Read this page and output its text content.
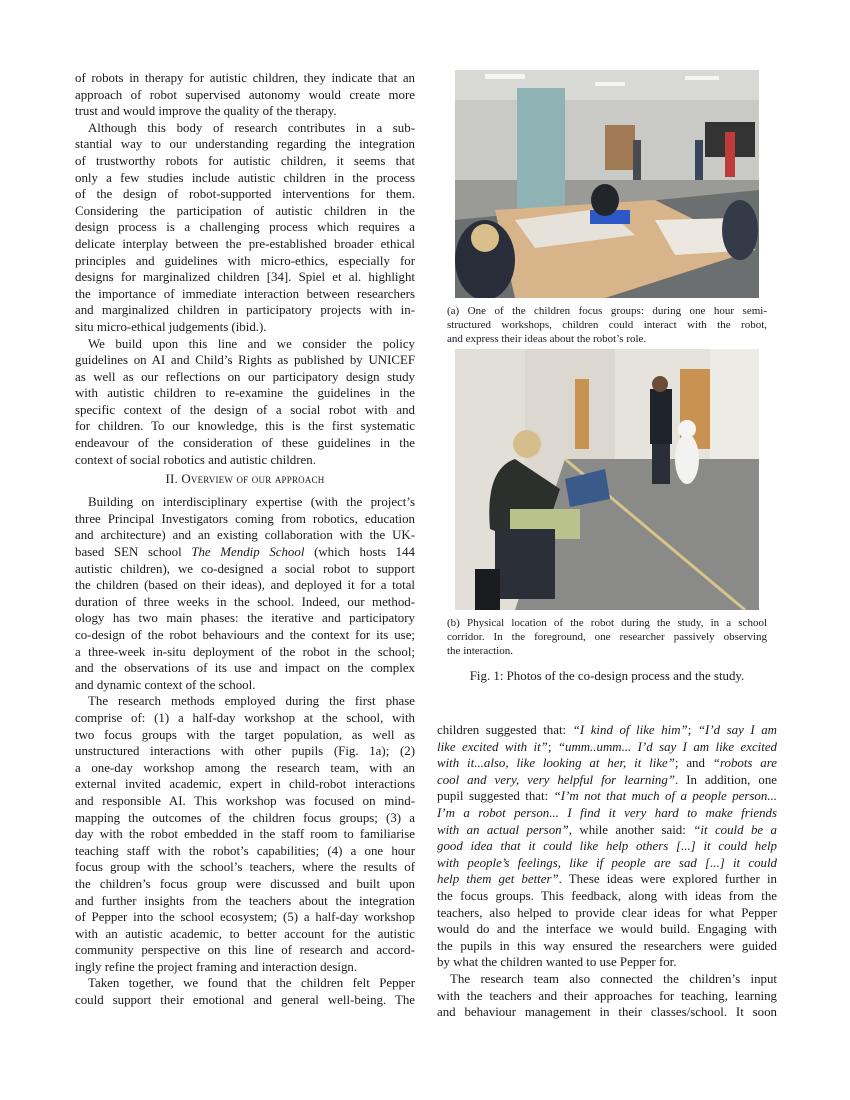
of robots in therapy for autistic children, they indicate that an
approach of robot supervised autonomy would create more
trust and would improve the quality of the therapy.
Although this body of research contributes in a sub-
stantial way to our understanding regarding the integration
of trustworthy robots for autistic children, it seems that
only a few studies include autistic children in the process
of the design of robot-supported interventions for them.
Considering the participation of autistic children in the
design process is a challenging process which requires a
delicate interplay between the pre-established broader ethical
principles and guidelines with micro-ethics, especially for
designs for marginalized children [34]. Spiel et al. highlight
the importance of immediate interaction between researchers
and marginalized children in participatory projects with in-
situ micro-ethical judgements (ibid.).
We build upon this line and we consider the policy
guidelines on AI and Child’s Rights as published by UNICEF
as well as our reflections on our participatory design study
with autistic children to re-examine the guidelines in the
specific context of the design of a social robot with and
for children. To our knowledge, this is the first systematic
endeavour of the consideration of these guidelines in the
context of social robotics and autistic children.
II. Overview of our approach
Building on interdisciplinary expertise (with the project’s
three Principal Investigators coming from robotics, education
and architecture) and an existing collaboration with the UK-
based SEN school The Mendip School (which hosts 144
autistic children), we co-designed a social robot to support
the children (based on their ideas), and deployed it for a total
duration of three weeks in the school. Indeed, our method-
ology has two main phases: the iterative and participatory
co-design of the robot behaviours and the context for its use;
a three-week in-situ deployment of the robot in the school;
and the observations of its use and impact on the complex
and dynamic context of the school.
The research methods employed during the first phase
comprise of: (1) a half-day workshop at the school, with
two focus groups with the target population, as well as
unstructured interactions with other pupils (Fig. 1a); (2)
a one-day workshop among the research team, with an
external invited academic, expert in child-robot interactions
and responsible AI. This workshop was focused on mind-
mapping the outcomes of the children focus groups; (3) a
day with the robot embedded in the staff room to familiarise
teaching staff with the robot’s capabilities; (4) a one hour
focus group with the school’s teachers, where the results of
the children’s focus group were discussed and built upon
and further insights from the teachers about the integration
of Pepper into the school ecosystem; (5) a half-day workshop
with an autistic academic, to better account for the autistic
community perspective on this line of research and accord-
ingly refine the project framing and interaction design.
Taken together, we found that the children felt Pepper
could support their emotional and general well-being. The
(a) One of the children focus groups: during one hour semi-
structured workshops, children could interact with the robot,
and express their ideas about the robot’s role.
(b) Physical location of the robot during the study, in a school
corridor. In the foreground, one researcher passively observing
the interaction.
Fig. 1: Photos of the co-design process and the study.
children suggested that: “I kind of like him”; “I’d say I am
like excited with it”; “umm..umm... I’d say I am like excited
with it...also, like looking at her, it like”; and “robots are
cool and very, very helpful for learning”. In addition, one
pupil suggested that: “I’m not that much of a people person...
I’m a robot person... I find it very hard to make friends
with an actual person”, while another said: “it could be a
good idea that it could like help others [...] it could help
with people’s feelings, like if people are sad [...] it could
help them get better”. These ideas were explored further in
the focus groups. This feedback, along with ideas from the
teachers, also helped to provide clear ideas for what Pepper
would do and the interface we would build. Engaging with
the pupils in this way ensured the researchers were guided
by what the children wanted to use Pepper for.
The research team also connected the children’s input
with the teachers and their approaches for teaching, learning
and behaviour management in their classes/school. It soon
